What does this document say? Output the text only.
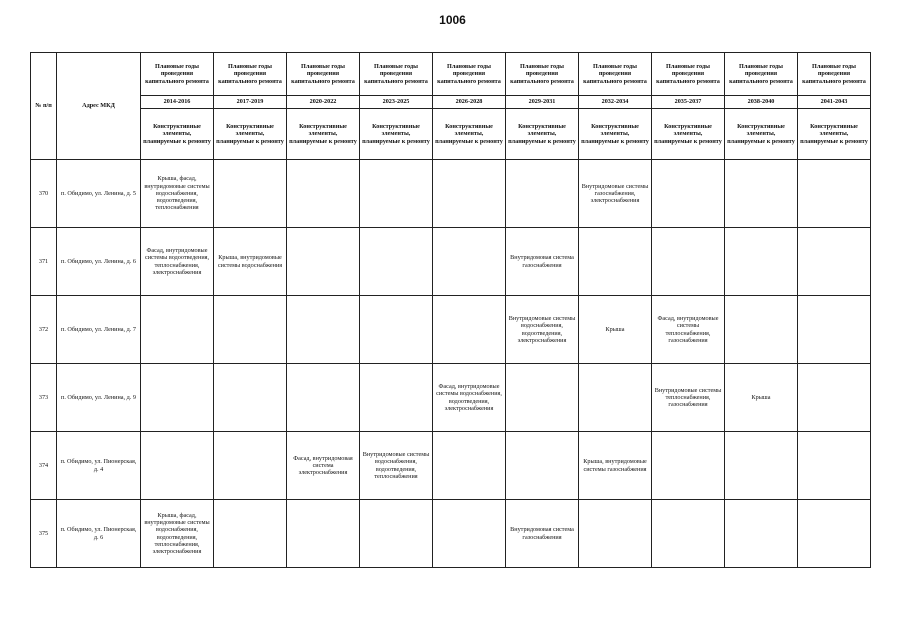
1006
№ п/п	Адрес МКД	Плановые годы проведения капитального ремонта	Плановые годы проведения капитального ремонта	Плановые годы проведения капитального ремонта	Плановые годы проведения капитального ремонта	Плановые годы проведения капитального ремонта	Плановые годы проведения капитального ремонта	Плановые годы проведения капитального ремонта	Плановые годы проведения капитального ремонта	Плановые годы проведения капитального ремонта	Плановые годы проведения капитального ремонта
		2014-2016	2017-2019	2020-2022	2023-2025	2026-2028	2029-2031	2032-2034	2035-2037	2038-2040	2041-2043
		Конструктивные элементы, планируемые к ремонту	Конструктивные элементы, планируемые к ремонту	Конструктивные элементы, планируемые к ремонту	Конструктивные элементы, планируемые к ремонту	Конструктивные элементы, планируемые к ремонту	Конструктивные элементы, планируемые к ремонту	Конструктивные элементы, планируемые к ремонту	Конструктивные элементы, планируемые к ремонту	Конструктивные элементы, планируемые к ремонту	Конструктивные элементы, планируемые к ремонту
370	п. Обидимо, ул. Ленина, д. 5	Крыша, фасад, внутридомовые системы водоснабжения, водоотведения, теплоснабжения						Внутридомовые системы газоснабжения, электроснабжения			
371	п. Обидимо, ул. Ленина, д. 6	Фасад, внутридомовые системы водоотведения, теплоснабжения, электроснабжения	Крыша, внутридомовые системы водоснабжения				Внутридомовая система газоснабжения				
372	п. Обидимо, ул. Ленина, д. 7						Внутридомовые системы водоснабжения, водоотведения, электроснабжения	Крыша	Фасад, внутридомовые системы теплоснабжения, газоснабжения		
373	п. Обидимо, ул. Ленина, д. 9					Фасад, внутридомовые системы водоснабжения, водоотведения, электроснабжения			Внутридомовые системы теплоснабжения, газоснабжения	Крыша	
374	п. Обидимо, ул. Пионерская, д. 4			Фасад, внутридомовая система электроснабжения	Внутридомовые системы водоснабжения, водоотведения, теплоснабжения			Крыша, внутридомовые системы газоснабжения			
375	п. Обидимо, ул. Пионерская, д. 6	Крыша, фасад, внутридомовые системы водоснабжения, водоотведения, теплоснабжения, электроснабжения					Внутридомовая система газоснабжения				
